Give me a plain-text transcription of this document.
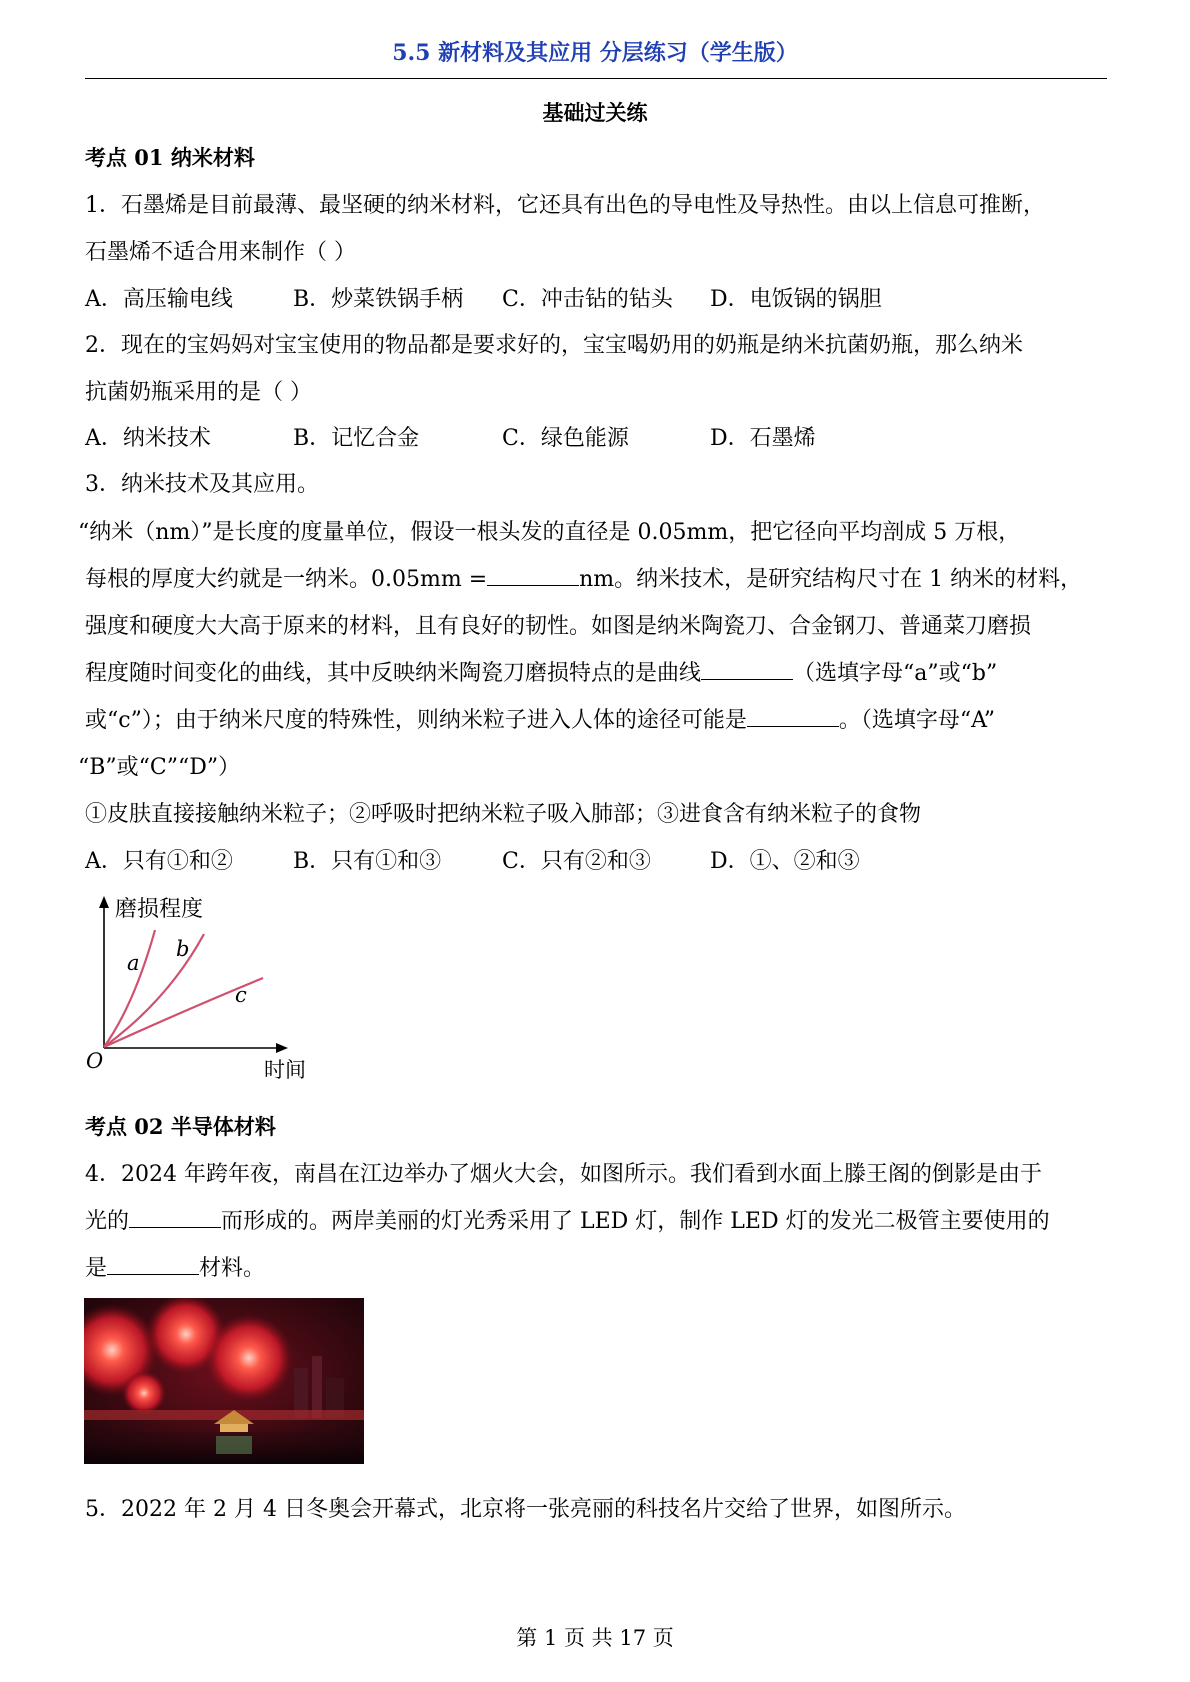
5.5 新材料及其应用 分层练习（学生版）
基础过关练
考点 01 纳米材料
1．石墨烯是目前最薄、最坚硬的纳米材料，它还具有出色的导电性及导热性。由以上信息可推断，
石墨烯不适合用来制作（ ）
A．高压输电线	B．炒菜铁锅手柄 C．冲击钻的钻头 D．电饭锅的锅胆
2．现在的宝妈妈对宝宝使用的物品都是要求好的，宝宝喝奶用的奶瓶是纳米抗菌奶瓶，那么纳米
抗菌奶瓶采用的是（ ）
A．纳米技术	B．记忆合金	C．绿色能源	D．石墨烯
3．纳米技术及其应用。
“纳米（nm）”是长度的度量单位，假设一根头发的直径是 0.05mm，把它径向平均剖成 5 万根，
每根的厚度大约就是一纳米。0.05mm =	nm。纳米技术，是研究结构尺寸在 1 纳米的材料，
强度和硬度大大高于原来的材料，且有良好的韧性。如图是纳米陶瓷刀、合金钢刀、普通菜刀磨损
程度随时间变化的曲线，其中反映纳米陶瓷刀磨损特点的是曲线	（选填字母“a”或“b”
或“c”）；由于纳米尺度的特殊性，则纳米粒子进入人体的途径可能是	。（选填字母“A”
“B”或“C”“D”）
①皮肤直接接触纳米粒子；②呼吸时把纳米粒子吸入肺部；③进食含有纳米粒子的食物
A．只有①和②	B．只有①和③	C．只有②和③	D．①、②和③
磨损程度
时间
O
a
b
c
考点 02 半导体材料
4．2024 年跨年夜，南昌在江边举办了烟火大会，如图所示。我们看到水面上滕王阁的倒影是由于
光的	而形成的。两岸美丽的灯光秀采用了 LED 灯，制作 LED 灯的发光二极管主要使用的
是	材料。
5．2022 年 2 月 4 日冬奥会开幕式，北京将一张亮丽的科技名片交给了世界，如图所示。
第 1 页 共 17 页
